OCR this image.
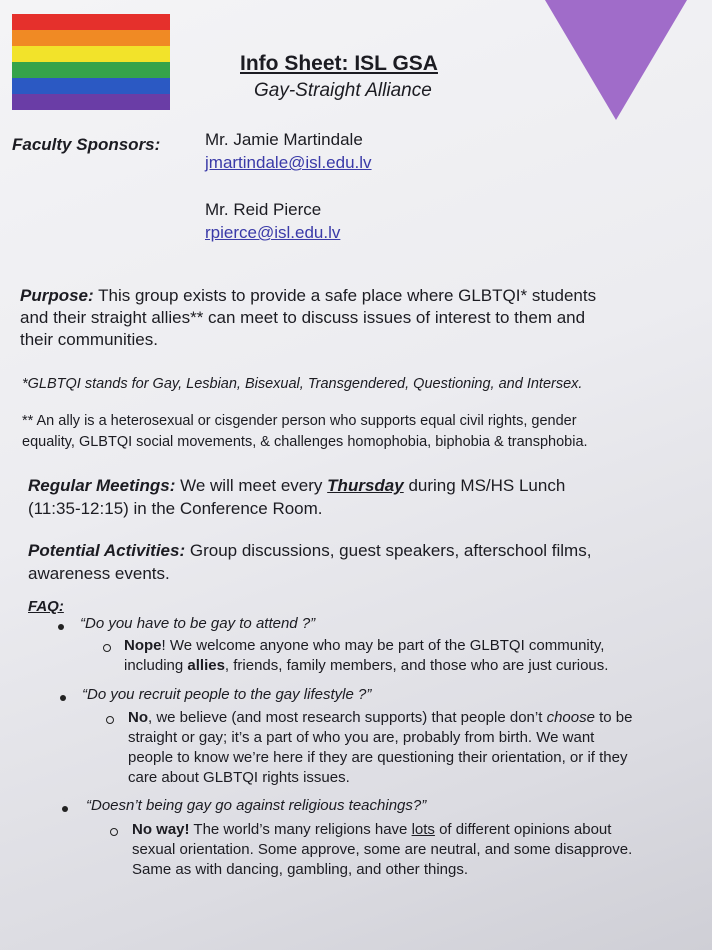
Info Sheet: ISL GSA
Gay-Straight Alliance
Faculty Sponsors:	Mr. Jamie Martindale
jmartindale@isl.edu.lv
Mr. Reid Pierce
rpierce@isl.edu.lv
Purpose: This group exists to provide a safe place where GLBTQI* students
and their straight allies** can meet to discuss issues of interest to them and
their communities.
*GLBTQI stands for Gay, Lesbian, Bisexual, Transgendered, Questioning, and Intersex.
** An ally is a heterosexual or cisgender person who supports equal civil rights, gender
equality, GLBTQI social movements, & challenges homophobia, biphobia & transphobia.
Regular Meetings: We will meet every Thursday during MS/HS Lunch
(11:35-12:15) in the Conference Room.
Potential Activities: Group discussions, guest speakers, afterschool films,
awareness events.
FAQ:
“Do you have to be gay to attend ?”
Nope! We welcome anyone who may be part of the GLBTQI community,
including allies, friends, family members, and those who are just curious.
“Do you recruit people to the gay lifestyle ?”
No, we believe (and most research supports) that people don’t choose to be
straight or gay; it’s a part of who you are, probably from birth. We want
people to know we’re here if they are questioning their orientation, or if they
care about GLBTQI rights issues.
“Doesn’t being gay go against religious teachings?”
No way! The world’s many religions have lots of different opinions about
sexual orientation. Some approve, some are neutral, and some disapprove.
Same as with dancing, gambling, and other things.
